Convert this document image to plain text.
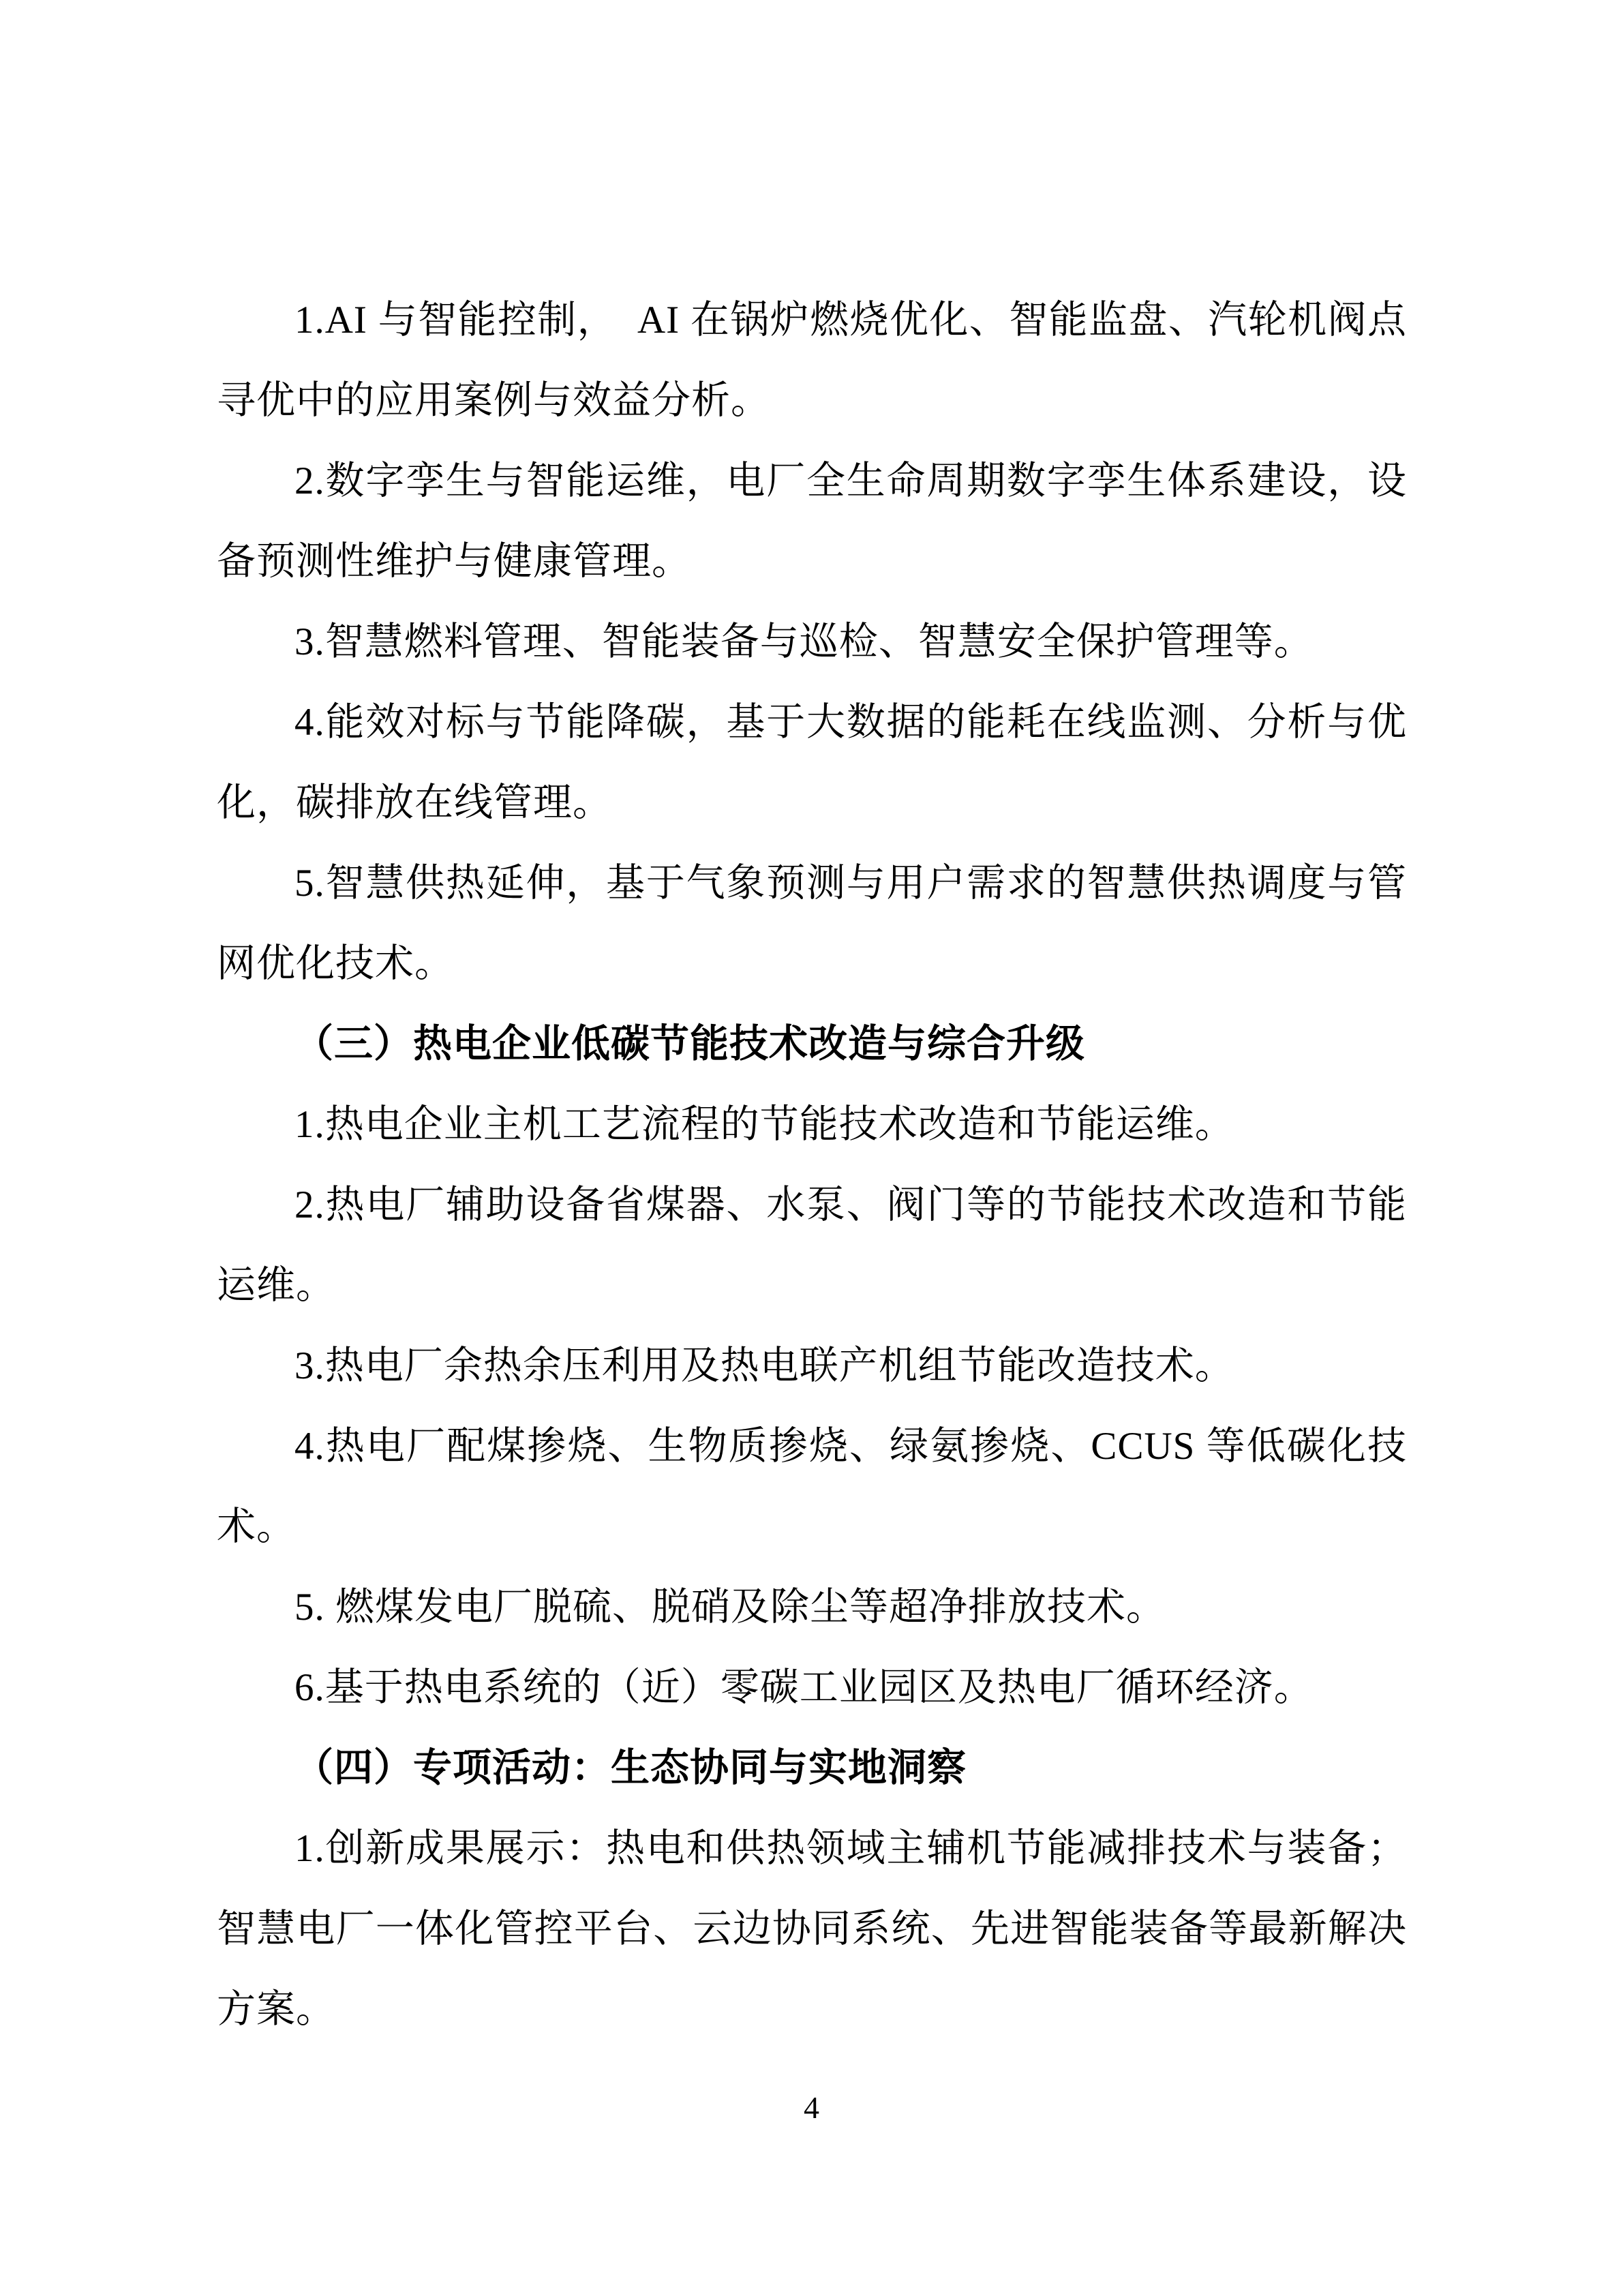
1.AI 与智能控制，　AI 在锅炉燃烧优化、智能监盘、汽轮机阀点寻优中的应用案例与效益分析。

2.数字孪生与智能运维，电厂全生命周期数字孪生体系建设，设备预测性维护与健康管理。

3.智慧燃料管理、智能装备与巡检、智慧安全保护管理等。

4.能效对标与节能降碳，基于大数据的能耗在线监测、分析与优化，碳排放在线管理。

5.智慧供热延伸，基于气象预测与用户需求的智慧供热调度与管网优化技术。

（三）热电企业低碳节能技术改造与综合升级

1.热电企业主机工艺流程的节能技术改造和节能运维。

2.热电厂辅助设备省煤器、水泵、阀门等的节能技术改造和节能运维。

3.热电厂余热余压利用及热电联产机组节能改造技术。

4.热电厂配煤掺烧、生物质掺烧、绿氨掺烧、CCUS 等低碳化技术。

5. 燃煤发电厂脱硫、脱硝及除尘等超净排放技术。

6.基于热电系统的（近）零碳工业园区及热电厂循环经济。

（四）专项活动：生态协同与实地洞察

1.创新成果展示：热电和供热领域主辅机节能减排技术与装备；智慧电厂一体化管控平台、云边协同系统、先进智能装备等最新解决方案。

4
